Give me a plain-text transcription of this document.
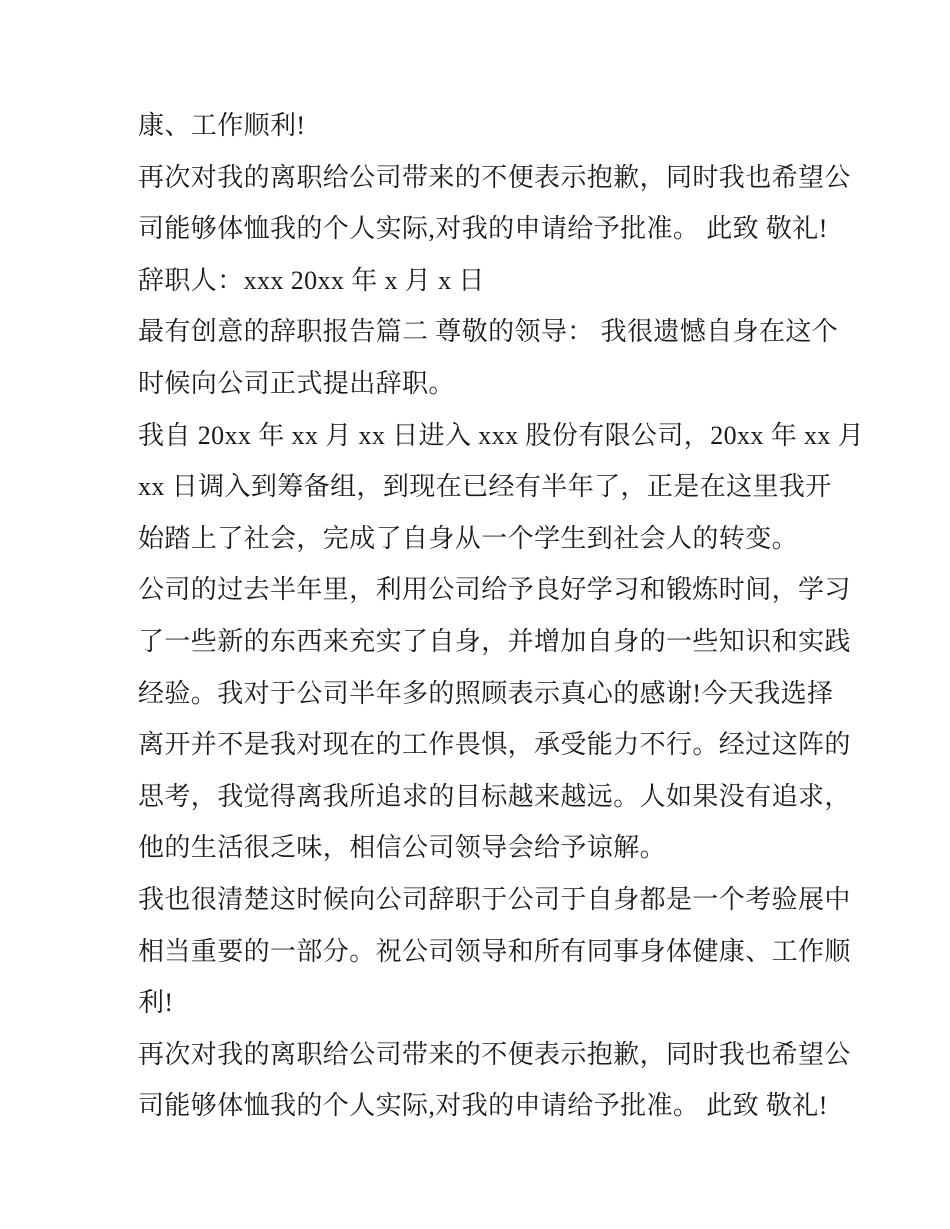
康、工作顺利!
再次对我的离职给公司带来的不便表示抱歉，同时我也希望公
司能够体恤我的个人实际,对我的申请给予批准。 此致 敬礼!
辞职人：xxx 20xx 年 x 月 x 日
最有创意的辞职报告篇二 尊敬的领导： 我很遗憾自身在这个
时候向公司正式提出辞职。
我自 20xx 年 xx 月 xx 日进入 xxx 股份有限公司，20xx 年 xx 月
xx 日调入到筹备组，到现在已经有半年了，正是在这里我开
始踏上了社会，完成了自身从一个学生到社会人的转变。
公司的过去半年里，利用公司给予良好学习和锻炼时间，学习
了一些新的东西来充实了自身，并增加自身的一些知识和实践
经验。我对于公司半年多的照顾表示真心的感谢!今天我选择
离开并不是我对现在的工作畏惧，承受能力不行。经过这阵的
思考，我觉得离我所追求的目标越来越远。人如果没有追求，
他的生活很乏味，相信公司领导会给予谅解。
我也很清楚这时候向公司辞职于公司于自身都是一个考验展中
相当重要的一部分。祝公司领导和所有同事身体健康、工作顺
利!
再次对我的离职给公司带来的不便表示抱歉，同时我也希望公
司能够体恤我的个人实际,对我的申请给予批准。 此致 敬礼!
